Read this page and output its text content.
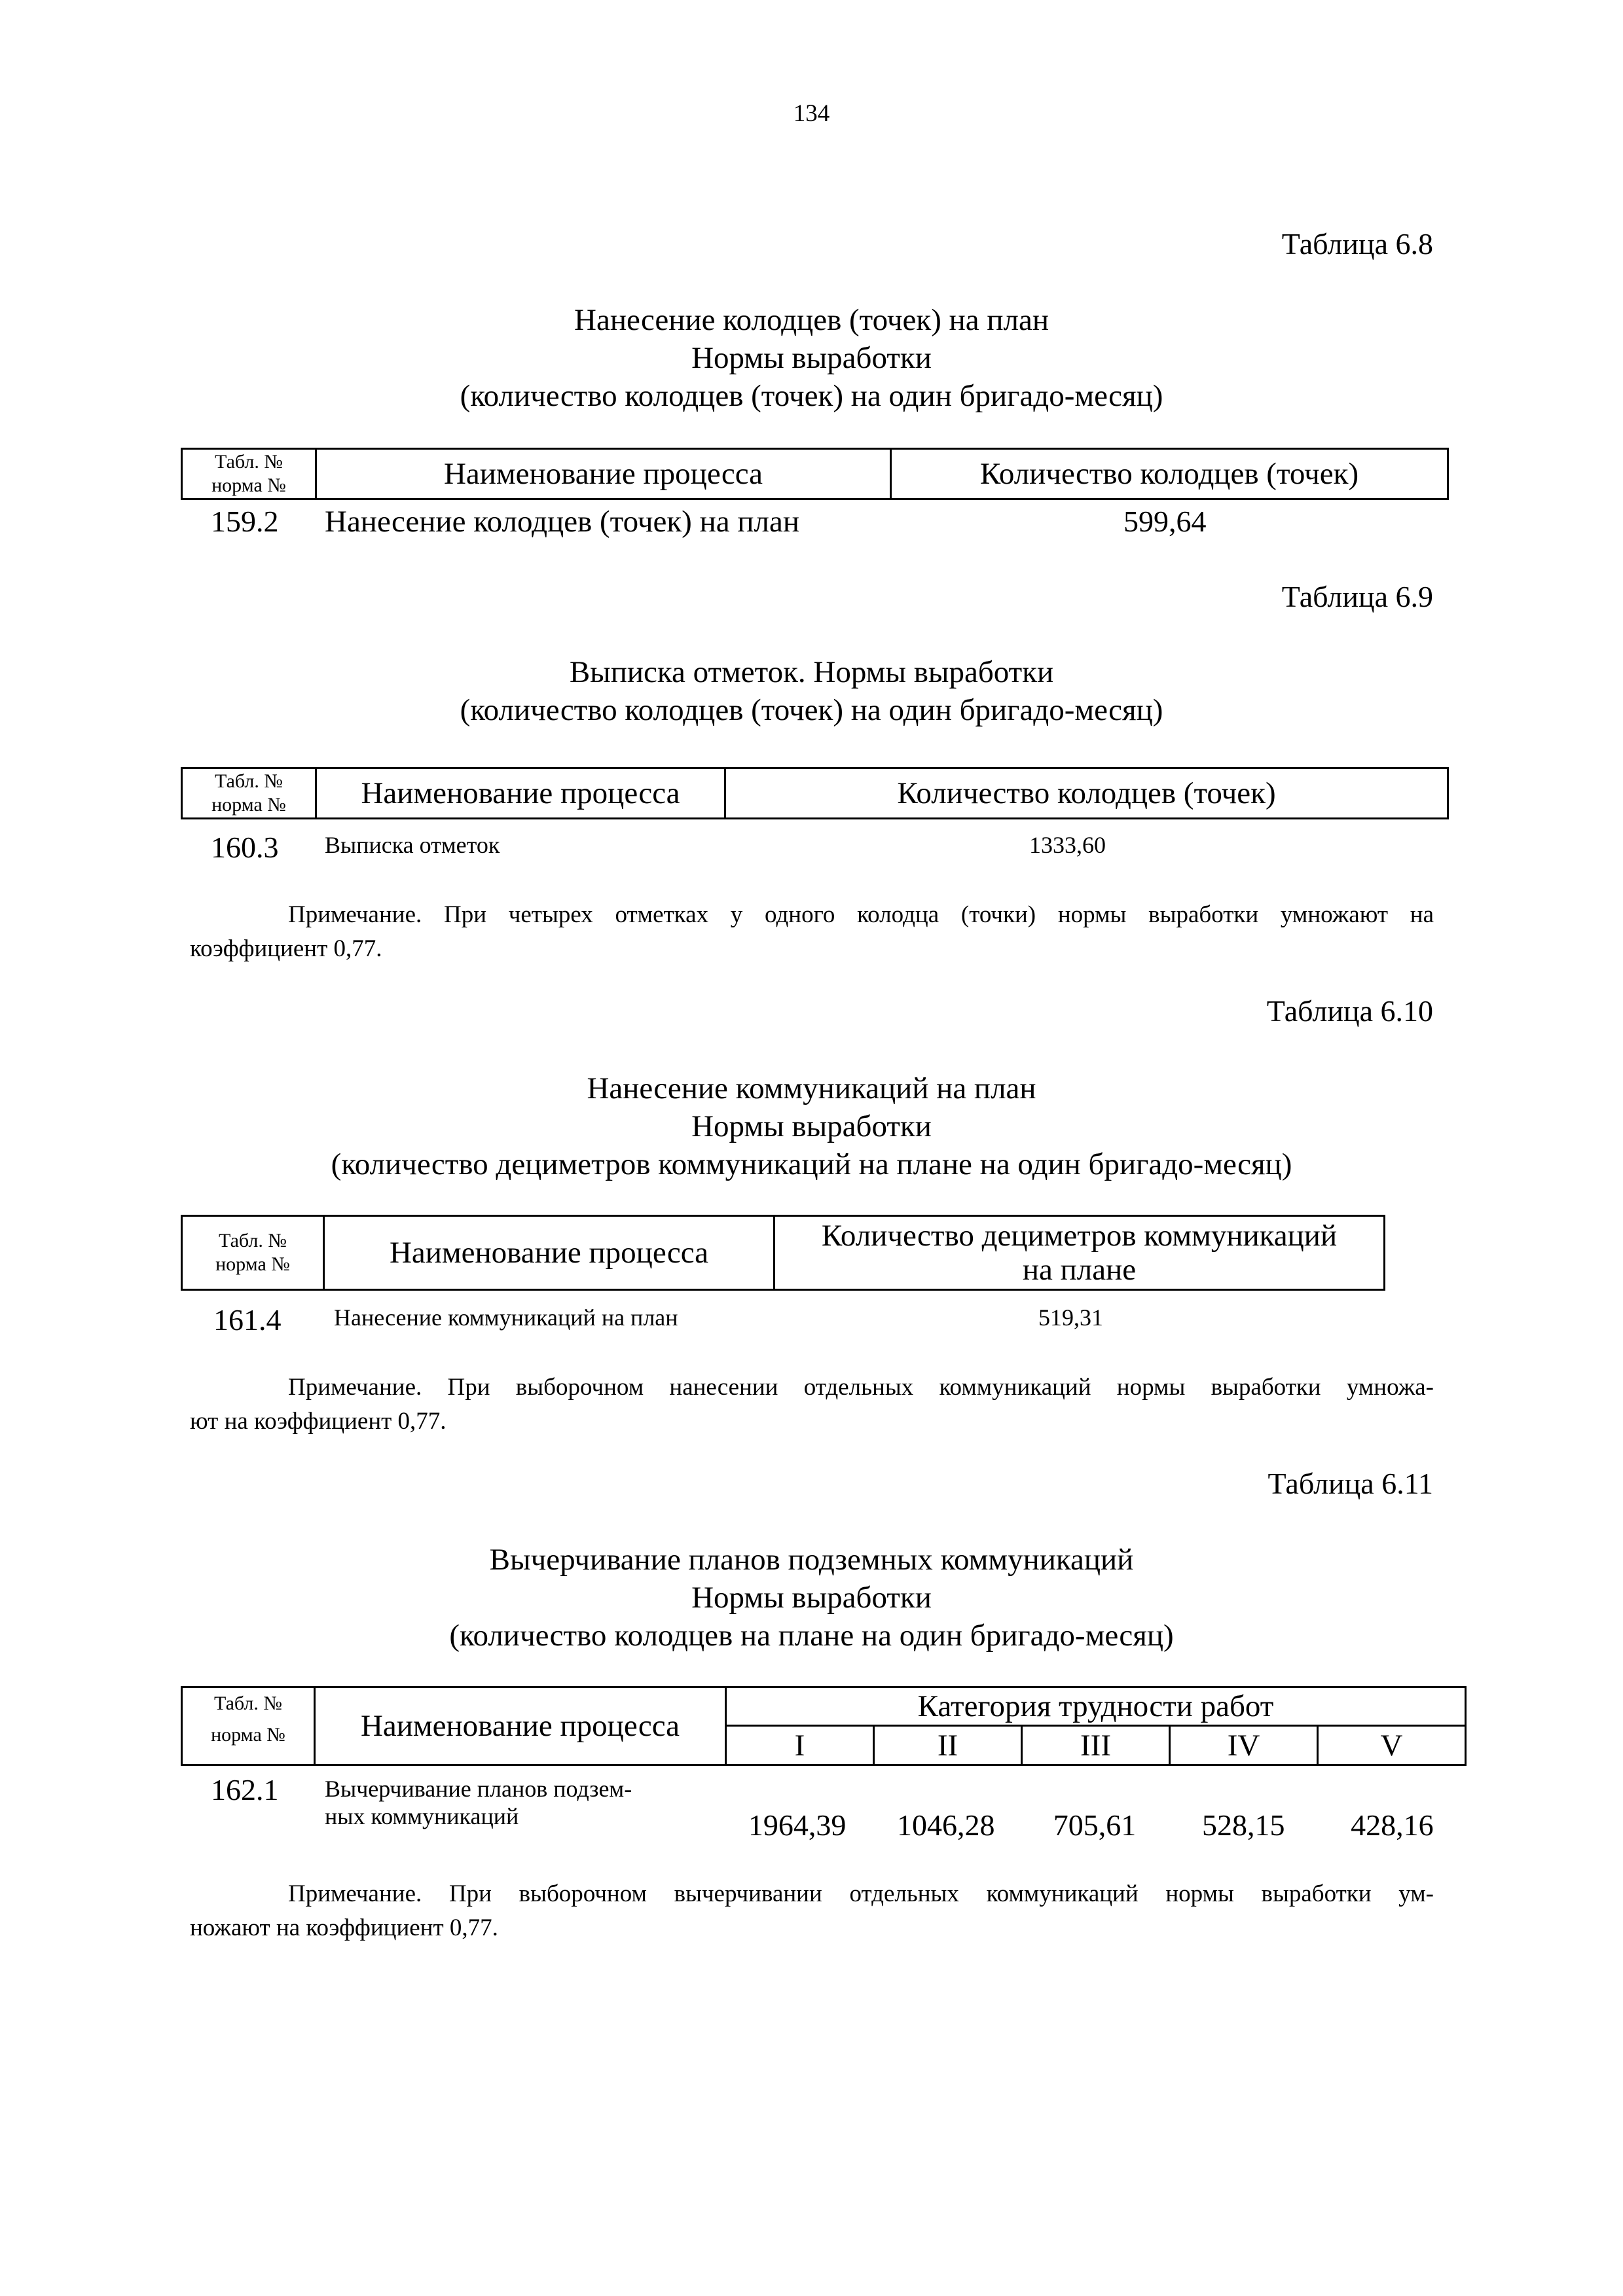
134
Таблица 6.8
Нанесение колодцев (точек) на план
Нормы выработки
(количество колодцев (точек) на один бригадо-месяц)
Табл. №
норма №	Наименование процесса	Количество колодцев (точек)
159.2 Нанесение колодцев (точек) на план	599,64
Таблица 6.9
Выписка отметок. Нормы выработки
(количество колодцев (точек) на один бригадо-месяц)
Табл. №
норма №	Наименование процесса	Количество колодцев (точек)
160.3 Выписка отметок	1333,60
Примечание. При четырех отметках у одного колодца (точки) нормы выработки умножают на
коэффициент 0,77.
Таблица 6.10
Нанесение коммуникаций на план
Нормы выработки
(количество дециметров коммуникаций на плане на один бригадо-месяц)
Табл. №
норма №	Наименование процесса	Количество дециметров коммуникаций
на плане
161.4 Нанесение коммуникаций на план	519,31
Примечание. При выборочном нанесении отдельных коммуникаций нормы выработки умножа-
ют на коэффициент 0,77.
Таблица 6.11
Вычерчивание планов подземных коммуникаций
Нормы выработки
(количество колодцев на плане на один бригадо-месяц)
Табл. №
норма №	Наименование процесса
Категория трудности работ
I	II	III	IV	V
162.1 Вычерчивание планов подзем-
ных коммуникаций	1964,39	1046,28	705,61	528,15	428,16
Примечание. При выборочном вычерчивании отдельных коммуникаций нормы выработки ум-
ножают на коэффициент 0,77.
